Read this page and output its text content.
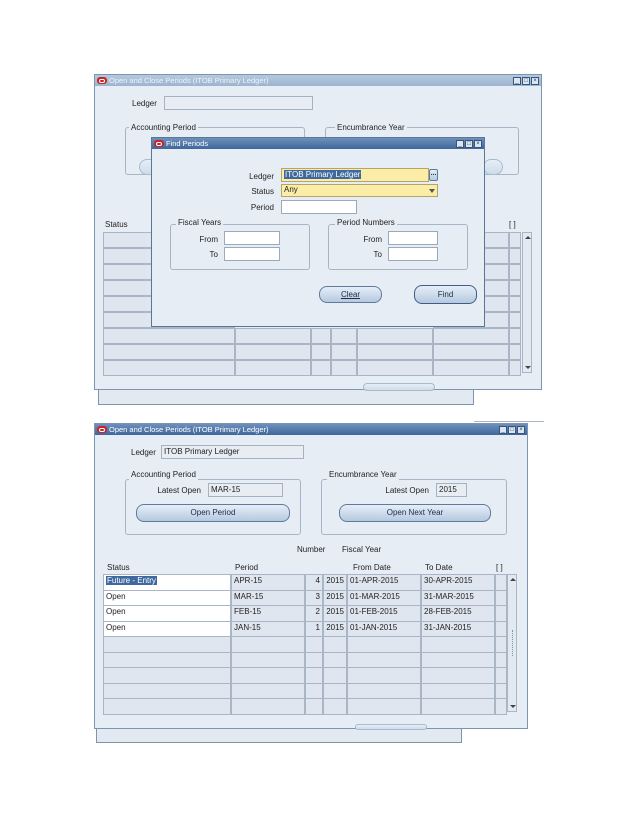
Open and Close Periods (ITOB Primary Ledger)	_ □ ×
Ledger
Accounting Period	Encumbrance Year
Status	[ ]
Find Periods	_ □ ×
Ledger	ITOB Primary Ledger	...
Status	Any
Period
Fiscal Years
From
To
Period Numbers
From
To
Clear	Find
Open and Close Periods (ITOB Primary Ledger)	_ □ ×
Ledger	ITOB Primary Ledger
Accounting Period
Latest Open	MAR-15
Open Period
Encumbrance Year
Latest Open	2015
Open Next Year
Number Fiscal Year
Status	Period	From Date	To Date	[ ]
Future - Entry	APR-15	4 2015 01-APR-2015	30-APR-2015
Open	MAR-15	3 2015 01-MAR-2015	31-MAR-2015
Open	FEB-15	2 2015 01-FEB-2015	28-FEB-2015
Open	JAN-15	1 2015 01-JAN-2015	31-JAN-2015
